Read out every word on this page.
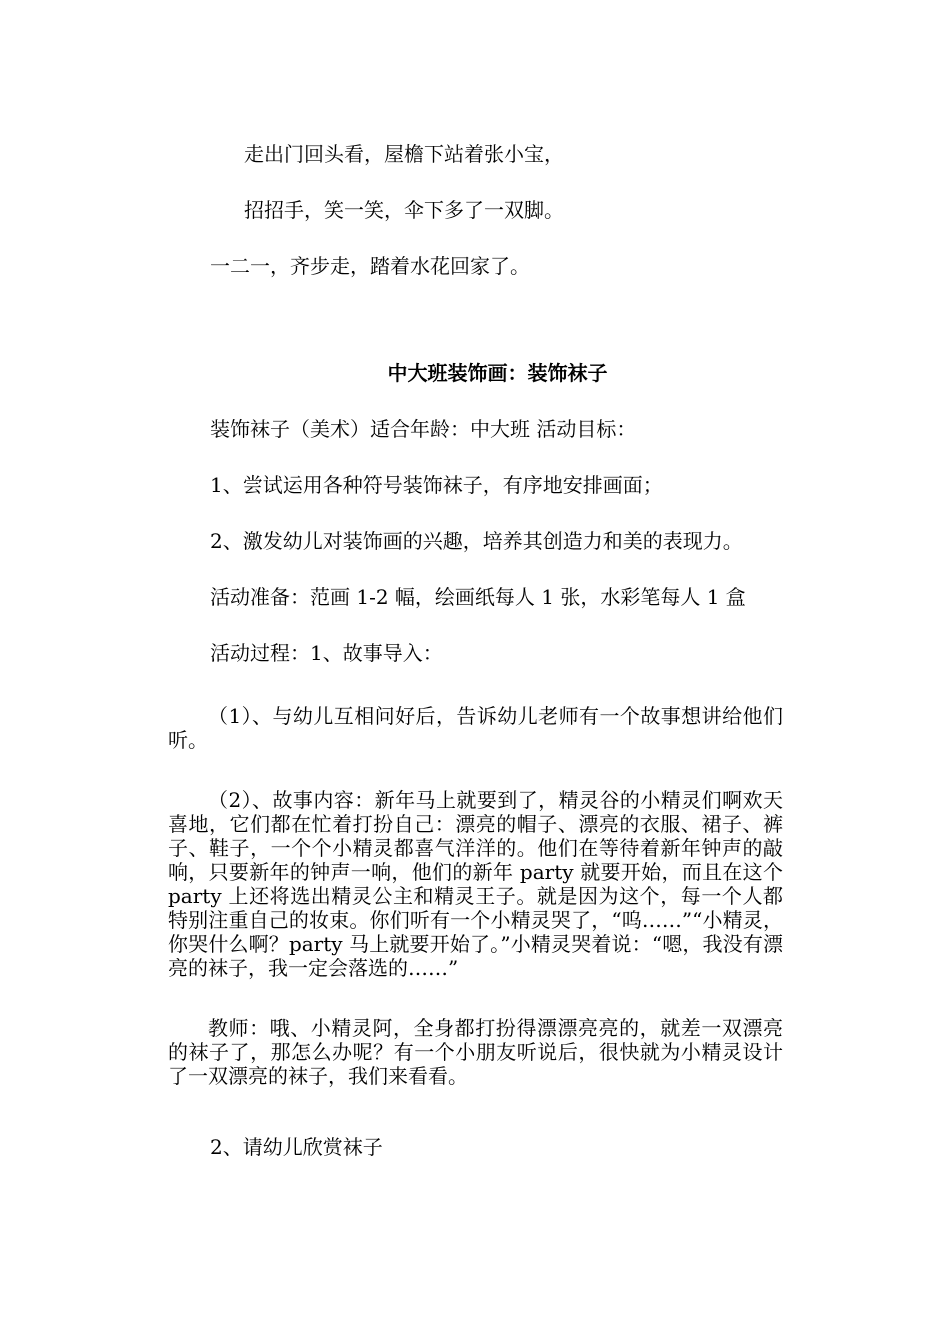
走出门回头看，屋檐下站着张小宝，
招招手，笑一笑，伞下多了一双脚。
一二一，齐步走，踏着水花回家了。
中大班装饰画：装饰袜子
装饰袜子（美术）适合年龄：中大班 活动目标：
1、尝试运用各种符号装饰袜子，有序地安排画面；
2、激发幼儿对装饰画的兴趣，培养其创造力和美的表现力。
活动准备：范画 1-2 幅，绘画纸每人 1 张，水彩笔每人 1 盒
活动过程：1、故事导入：
（1）、与幼儿互相问好后，告诉幼儿老师有一个故事想讲给他们听。
（2）、故事内容：新年马上就要到了，精灵谷的小精灵们啊欢天喜地，它们都在忙着打扮自己：漂亮的帽子、漂亮的衣服、裙子、裤子、鞋子，一个个小精灵都喜气洋洋的。他们在等待着新年钟声的敲响，只要新年的钟声一响，他们的新年 party 就要开始，而且在这个 party 上还将选出精灵公主和精灵王子。就是因为这个，每一个人都特别注重自己的妆束。你们听有一个小精灵哭了，“呜……”“小精灵，你哭什么啊？party 马上就要开始了。”小精灵哭着说：“嗯，我没有漂亮的袜子，我一定会落选的……”
教师：哦、小精灵阿，全身都打扮得漂漂亮亮的，就差一双漂亮的袜子了，那怎么办呢？有一个小朋友听说后，很快就为小精灵设计了一双漂亮的袜子，我们来看看。
2、请幼儿欣赏袜子
